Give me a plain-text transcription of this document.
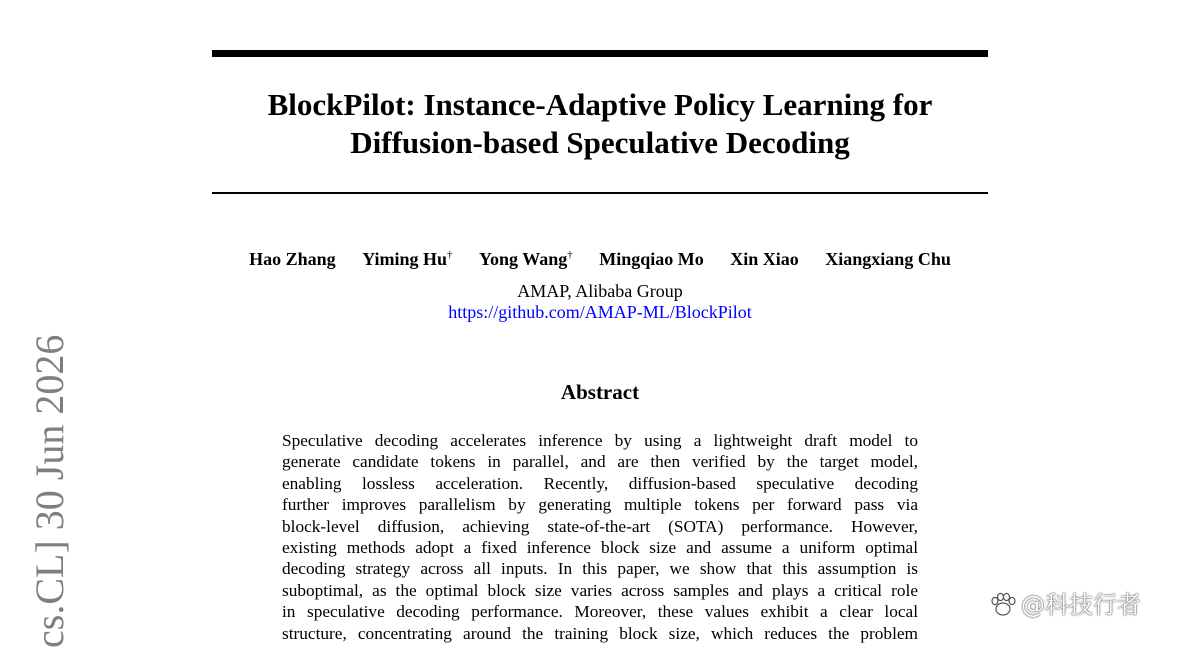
BlockPilot: Instance-Adaptive Policy Learning for
Diffusion-based Speculative Decoding
Hao Zhang Yiming Hu† Yong Wang† Mingqiao Mo Xin Xiao Xiangxiang Chu
AMAP, Alibaba Group
https://github.com/AMAP-ML/BlockPilot
Abstract
Speculative decoding accelerates inference by using a lightweight draft model to
generate candidate tokens in parallel, and are then verified by the target model,
enabling lossless acceleration. Recently, diffusion-based speculative decoding
further improves parallelism by generating multiple tokens per forward pass via
block-level diffusion, achieving state-of-the-art (SOTA) performance. However,
existing methods adopt a fixed inference block size and assume a uniform optimal
decoding strategy across all inputs. In this paper, we show that this assumption is
suboptimal, as the optimal block size varies across samples and plays a critical role
in speculative decoding performance. Moreover, these values exhibit a clear local
structure, concentrating around the training block size, which reduces the problem
cs.CL] 30 Jun 2026	@科技行者
